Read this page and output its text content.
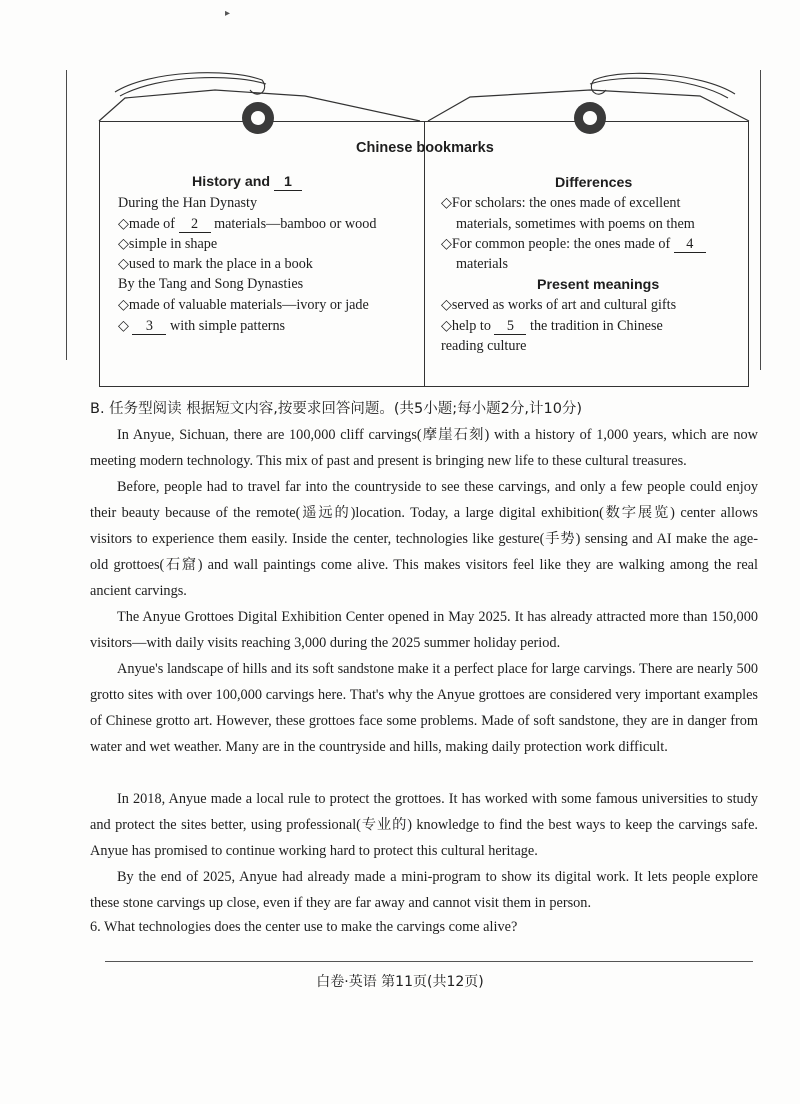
▸
Chinese bookmarks
History and 1
During the Han Dynasty
◇made of 2 materials—bamboo or wood
◇simple in shape
◇used to mark the place in a book
By the Tang and Song Dynasties
◇made of valuable materials—ivory or jade
◇ 3 with simple patterns
Differences
◇For scholars: the ones made of excellent
materials, sometimes with poems on them
◇For common people: the ones made of 4
materials
Present meanings
◇served as works of art and cultural gifts
◇help to 5 the tradition in Chinese
reading culture
B. 任务型阅读 根据短文内容,按要求回答问题。(共5小题;每小题2分,计10分)

In Anyue, Sichuan, there are 100,000 cliff carvings(摩崖石刻) with a history of 1,000 years, which are now meeting modern technology. This mix of past and present is bringing new life to these cultural treasures.

Before, people had to travel far into the countryside to see these carvings, and only a few people could enjoy their beauty because of the remote(遥远的)location. Today, a large digital exhibition(数字展览) center allows visitors to experience them easily. Inside the center, technologies like gesture(手势) sensing and AI make the age-old grottoes(石窟) and wall paintings come alive. This makes visitors feel like they are walking among the real ancient carvings.

The Anyue Grottoes Digital Exhibition Center opened in May 2025. It has already attracted more than 150,000 visitors—with daily visits reaching 3,000 during the 2025 summer holiday period.

Anyue's landscape of hills and its soft sandstone make it a perfect place for large carvings. There are nearly 500 grotto sites with over 100,000 carvings here. That's why the Anyue grottoes are considered very important examples of Chinese grotto art. However, these grottoes face some problems. Made of soft sandstone, they are in danger from water and wet weather. Many are in the countryside and hills, making daily protection work difficult.

In 2018, Anyue made a local rule to protect the grottoes. It has worked with some famous universities to study and protect the sites better, using professional(专业的) knowledge to find the best ways to keep the carvings safe. Anyue has promised to continue working hard to protect this cultural heritage.

By the end of 2025, Anyue had already made a mini-program to show its digital work. It lets people explore these stone carvings up close, even if they are far away and cannot visit them in person.

6. What technologies does the center use to make the carvings come alive?
白卷·英语 第11页(共12页)
